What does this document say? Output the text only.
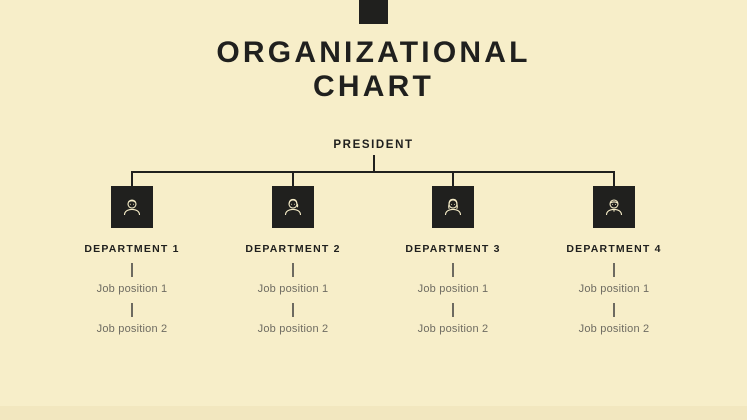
ORGANIZATIONAL
CHART
PRESIDENT
DEPARTMENT 1
Job position 1
Job position 2
DEPARTMENT 2
Job position 1
Job position 2
DEPARTMENT 3
Job position 1
Job position 2
DEPARTMENT 4
Job position 1
Job position 2
